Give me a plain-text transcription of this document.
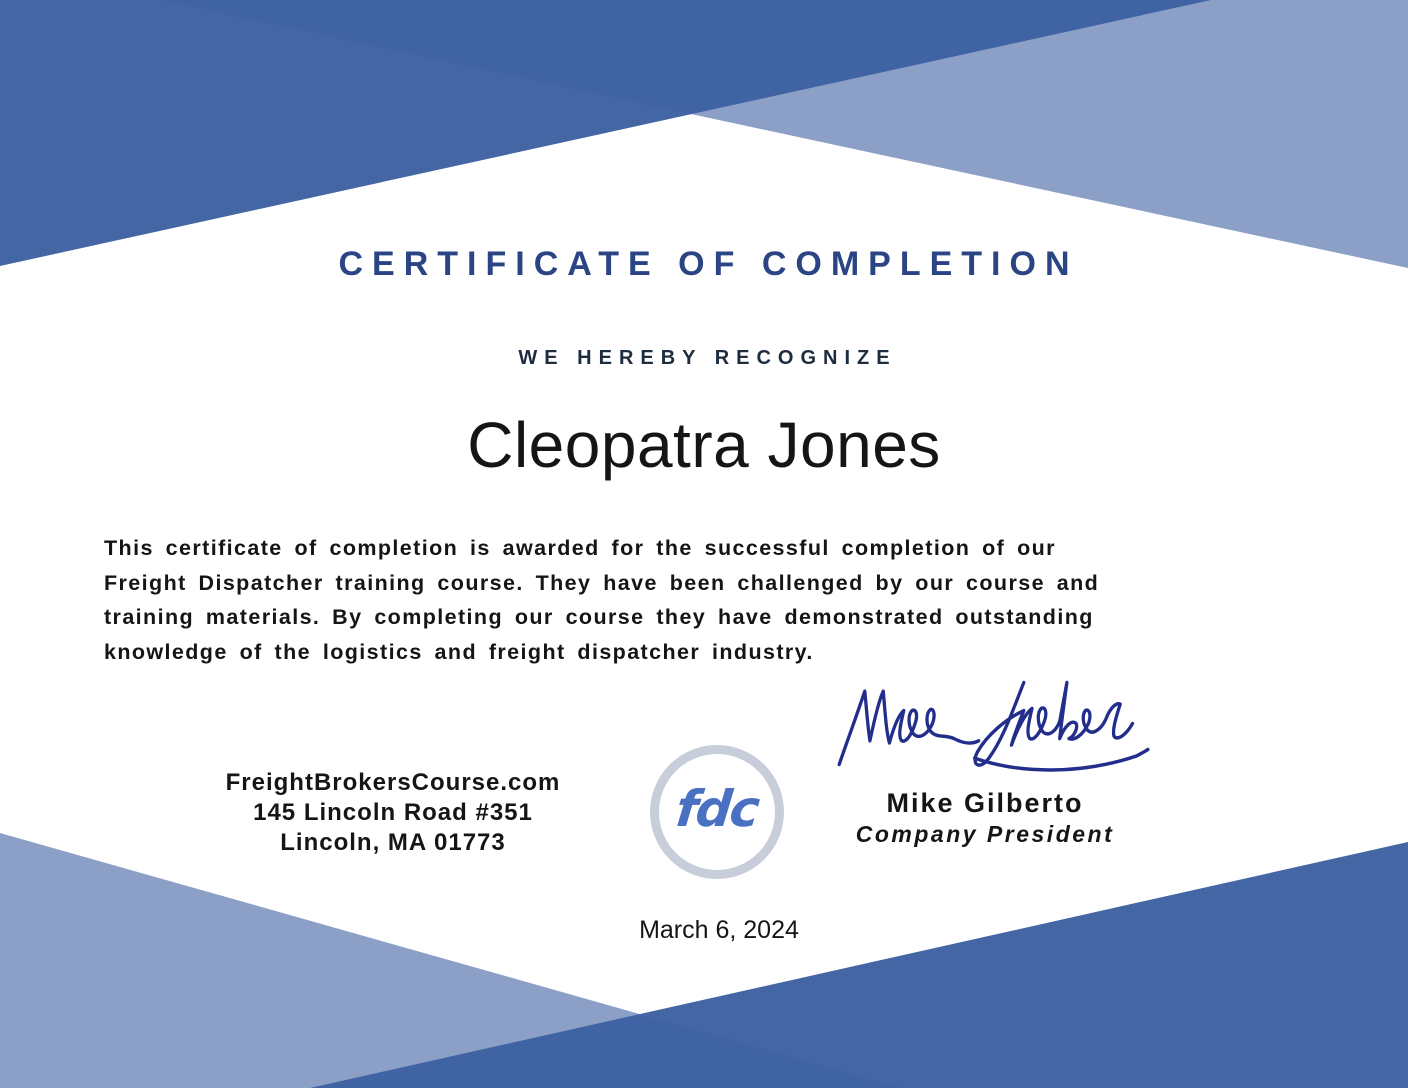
CERTIFICATE OF COMPLETION
WE HEREBY RECOGNIZE
Cleopatra Jones
This certificate of completion is awarded for the successful completion of our
Freight Dispatcher training course. They have been challenged by our course and
training materials. By completing our course they have demonstrated outstanding
knowledge of the logistics and freight dispatcher industry.
FreightBrokersCourse.com
145 Lincoln Road #351
Lincoln, MA 01773
fdc	Mike Gilberto
Company President
March 6, 2024
